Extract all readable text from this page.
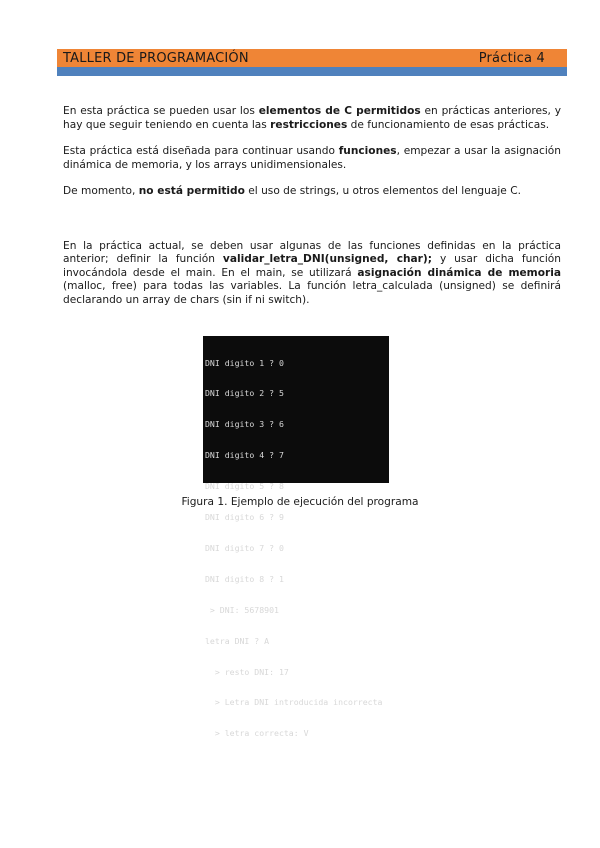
TALLER DE PROGRAMACIÓN	Práctica 4

En esta práctica se pueden usar los elementos de C permitidos en prácticas anteriores, y hay que seguir teniendo en cuenta las restricciones de funcionamiento de esas prácticas.

Esta práctica está diseñada para continuar usando funciones, empezar a usar la asignación dinámica de memoria, y los arrays unidimensionales.

De momento, no está permitido el uso de strings, u otros elementos del lenguaje C.

En la práctica actual, se deben usar algunas de las funciones definidas en la práctica anterior; definir la función validar_letra_DNI(unsigned, char); y usar dicha función invocándola desde el main. En el main, se utilizará asignación dinámica de memoria (malloc, free) para todas las variables. La función letra_calculada (unsigned) se definirá declarando un array de chars (sin if ni switch).

DNI digito 1 ? 0

DNI digito 2 ? 5

DNI digito 3 ? 6

DNI digito 4 ? 7

DNI digito 5 ? 8

DNI digito 6 ? 9

DNI digito 7 ? 0

DNI digito 8 ? 1

> DNI: 5678901

letra DNI ? A

> resto DNI: 17

> Letra DNI introducida incorrecta

> letra correcta: V

Figura 1. Ejemplo de ejecución del programa
